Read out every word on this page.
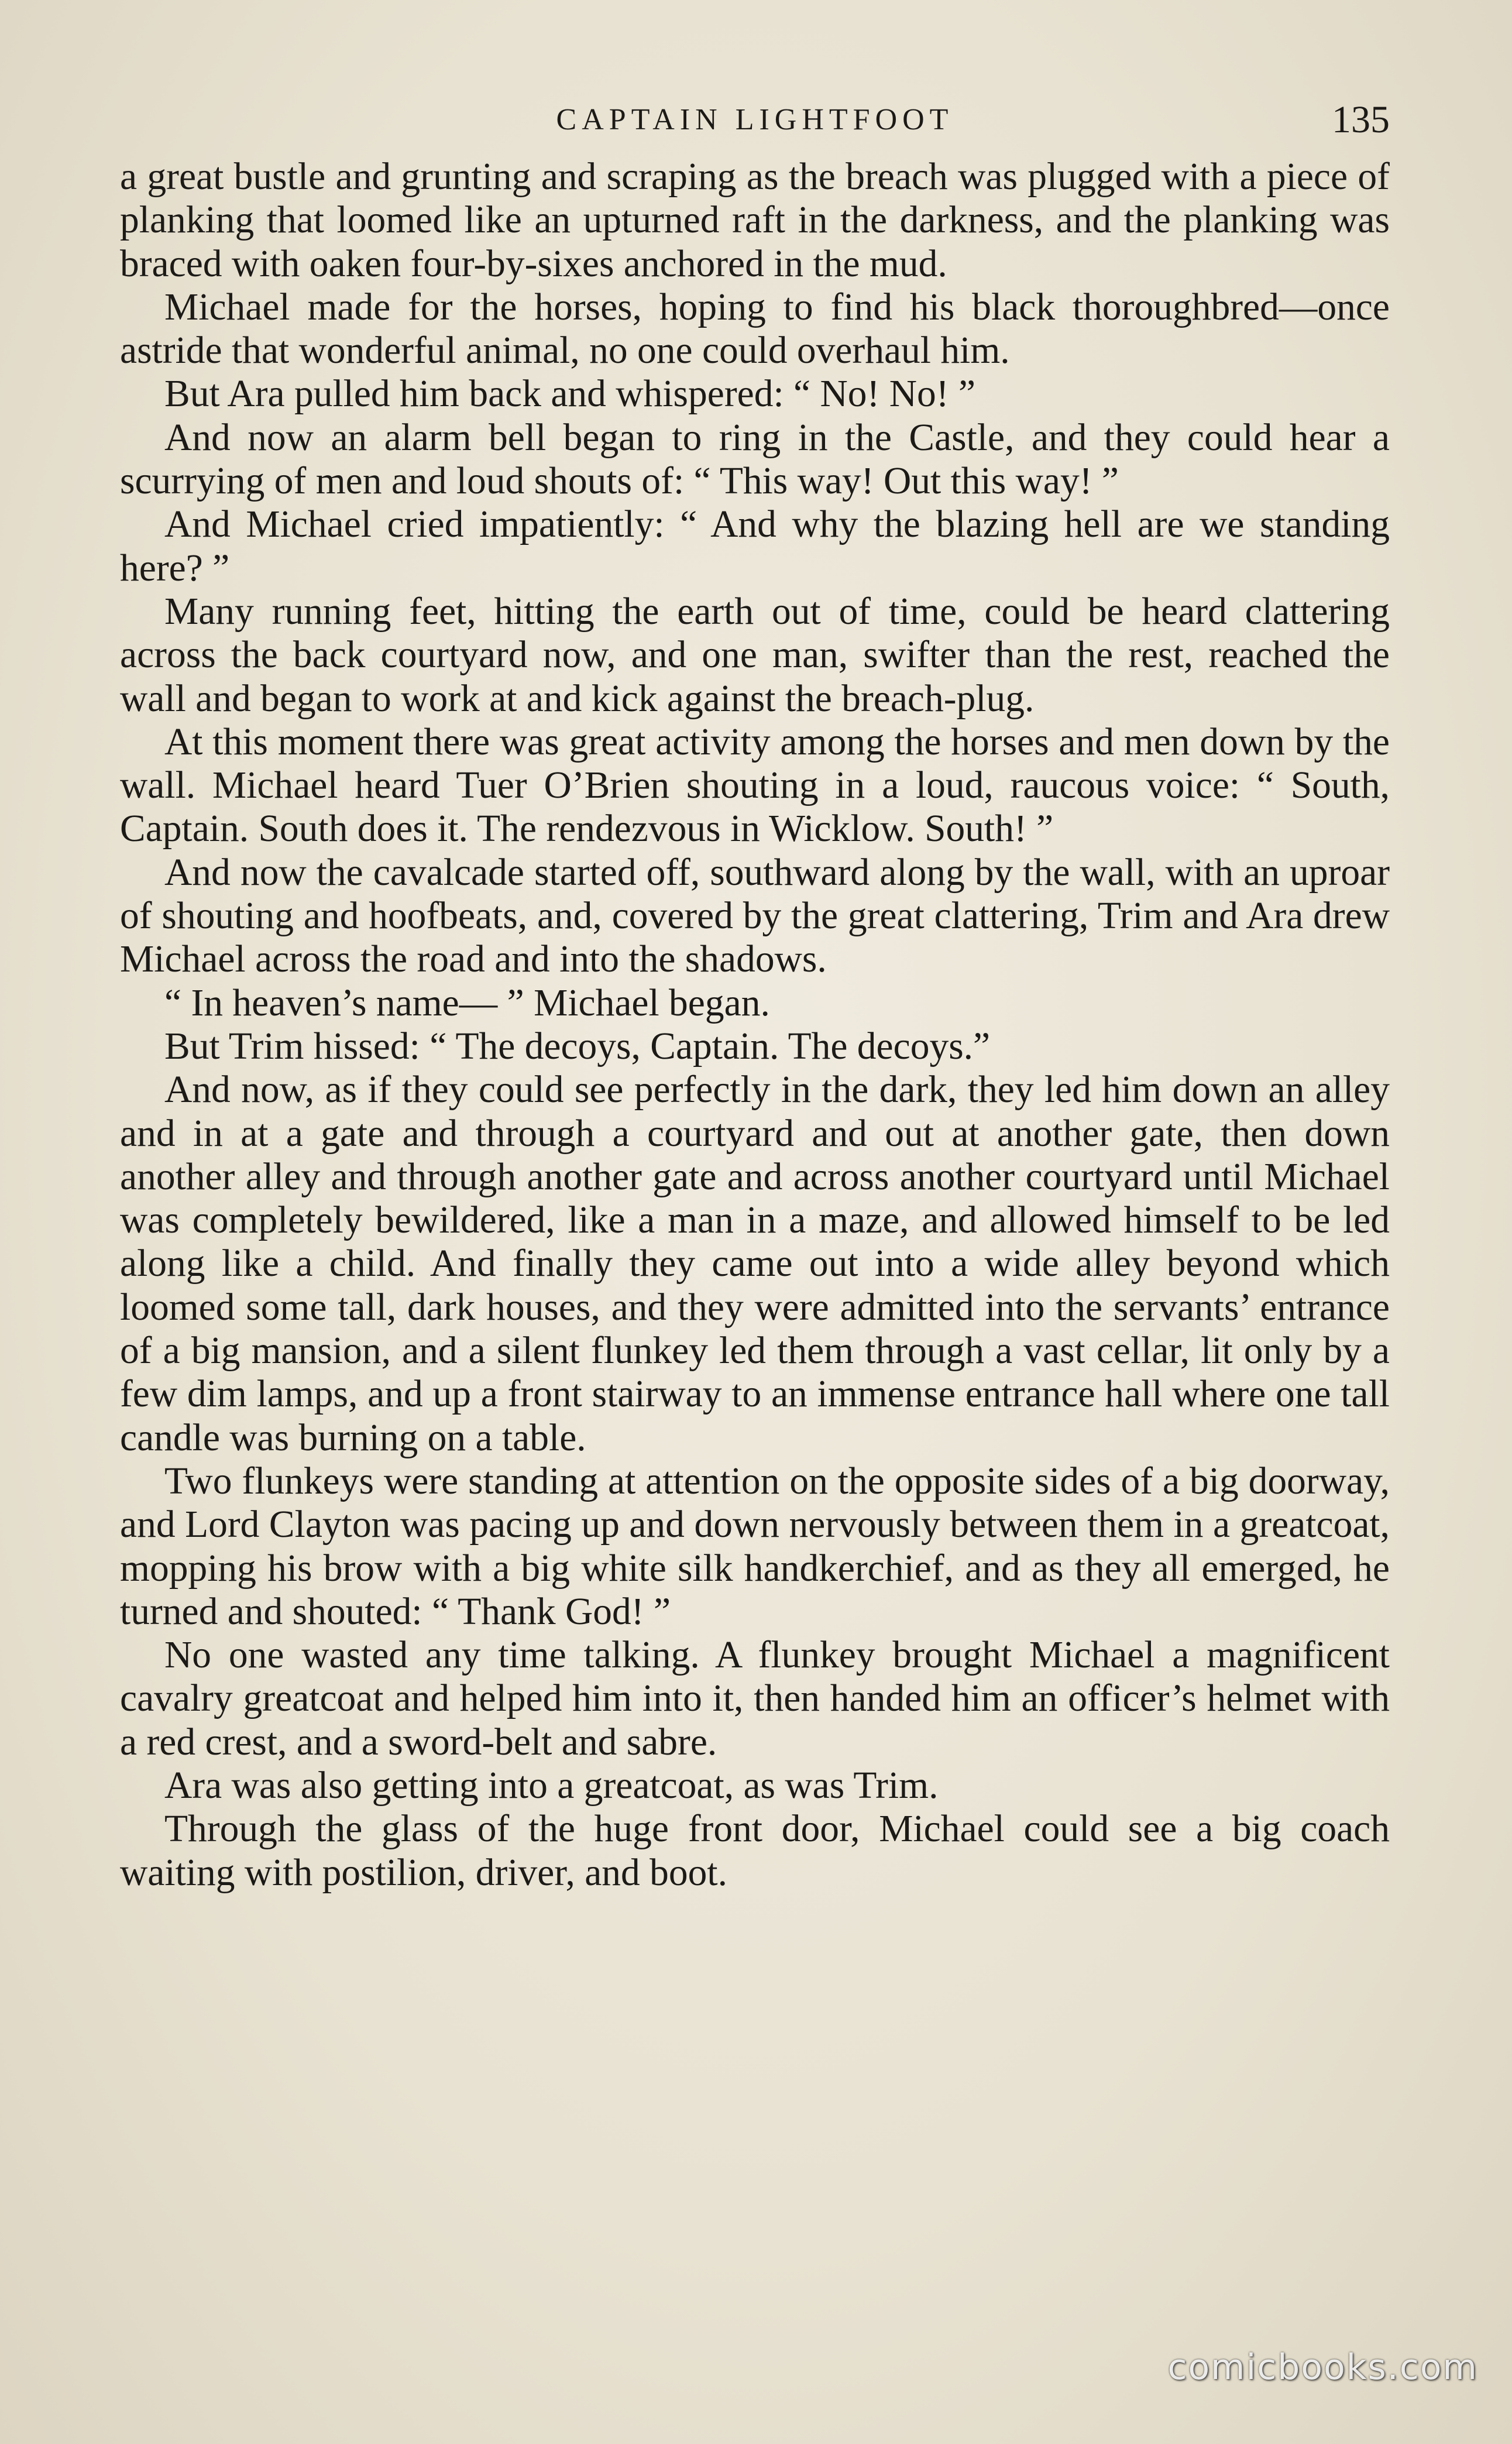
CAPTAIN LIGHTFOOT	135

a great bustle and grunting and scraping as the breach was plugged with a piece of planking that loomed like an upturned raft in the darkness, and the planking was braced with oaken four-by-sixes anchored in the mud.

Michael made for the horses, hoping to find his black thoroughbred—once astride that wonderful animal, no one could overhaul him.

But Ara pulled him back and whispered: “ No! No! ”

And now an alarm bell began to ring in the Castle, and they could hear a scurrying of men and loud shouts of: “ This way! Out this way! ”

And Michael cried impatiently: “ And why the blazing hell are we standing here? ”

Many running feet, hitting the earth out of time, could be heard clattering across the back courtyard now, and one man, swifter than the rest, reached the wall and began to work at and kick against the breach-plug.

At this moment there was great activity among the horses and men down by the wall. Michael heard Tuer O’Brien shouting in a loud, raucous voice: “ South, Captain. South does it. The rendezvous in Wicklow. South! ”

And now the cavalcade started off, southward along by the wall, with an uproar of shouting and hoofbeats, and, covered by the great clattering, Trim and Ara drew Michael across the road and into the shadows.

“ In heaven’s name— ” Michael began.

But Trim hissed: “ The decoys, Captain. The decoys.”

And now, as if they could see perfectly in the dark, they led him down an alley and in at a gate and through a courtyard and out at another gate, then down another alley and through another gate and across another courtyard until Michael was completely bewildered, like a man in a maze, and allowed himself to be led along like a child. And finally they came out into a wide alley beyond which loomed some tall, dark houses, and they were admitted into the servants’ entrance of a big mansion, and a silent flunkey led them through a vast cellar, lit only by a few dim lamps, and up a front stairway to an immense entrance hall where one tall candle was burning on a table.

Two flunkeys were standing at attention on the opposite sides of a big doorway, and Lord Clayton was pacing up and down nervously between them in a greatcoat, mopping his brow with a big white silk handkerchief, and as they all emerged, he turned and shouted: “ Thank God! ”

No one wasted any time talking. A flunkey brought Michael a magnificent cavalry greatcoat and helped him into it, then handed him an officer’s helmet with a red crest, and a sword-belt and sabre.

Ara was also getting into a greatcoat, as was Trim.

Through the glass of the huge front door, Michael could see a big coach waiting with postilion, driver, and boot.

comicbooks.com
